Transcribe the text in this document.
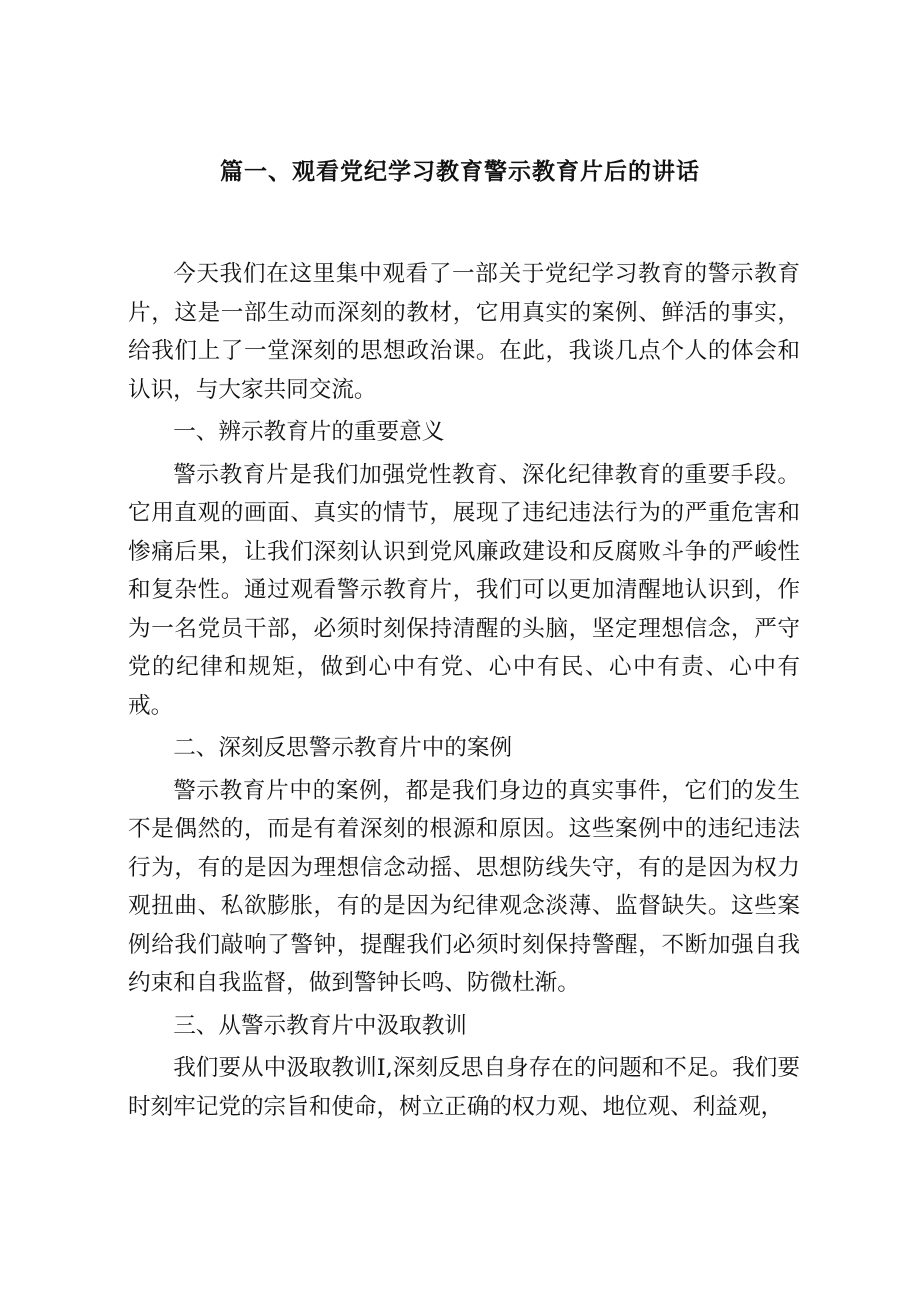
篇一、观看党纪学习教育警示教育片后的讲话

今天我们在这里集中观看了一部关于党纪学习教育的警示教育片，这是一部生动而深刻的教材，它用真实的案例、鲜活的事实，给我们上了一堂深刻的思想政治课。在此，我谈几点个人的体会和认识，与大家共同交流。

一、辨示教育片的重要意义

警示教育片是我们加强党性教育、深化纪律教育的重要手段。它用直观的画面、真实的情节，展现了违纪违法行为的严重危害和惨痛后果，让我们深刻认识到党风廉政建设和反腐败斗争的严峻性和复杂性。通过观看警示教育片，我们可以更加清醒地认识到，作为一名党员干部，必须时刻保持清醒的头脑，坚定理想信念，严守党的纪律和规矩，做到心中有党、心中有民、心中有责、心中有戒。

二、深刻反思警示教育片中的案例

警示教育片中的案例，都是我们身边的真实事件，它们的发生不是偶然的，而是有着深刻的根源和原因。这些案例中的违纪违法行为，有的是因为理想信念动摇、思想防线失守，有的是因为权力观扭曲、私欲膨胀，有的是因为纪律观念淡薄、监督缺失。这些案例给我们敲响了警钟，提醒我们必须时刻保持警醒，不断加强自我约束和自我监督，做到警钟长鸣、防微杜渐。

三、从警示教育片中汲取教训

我们要从中汲取教训I,深刻反思自身存在的问题和不足。我们要时刻牢记党的宗旨和使命，树立正确的权力观、地位观、利益观，
